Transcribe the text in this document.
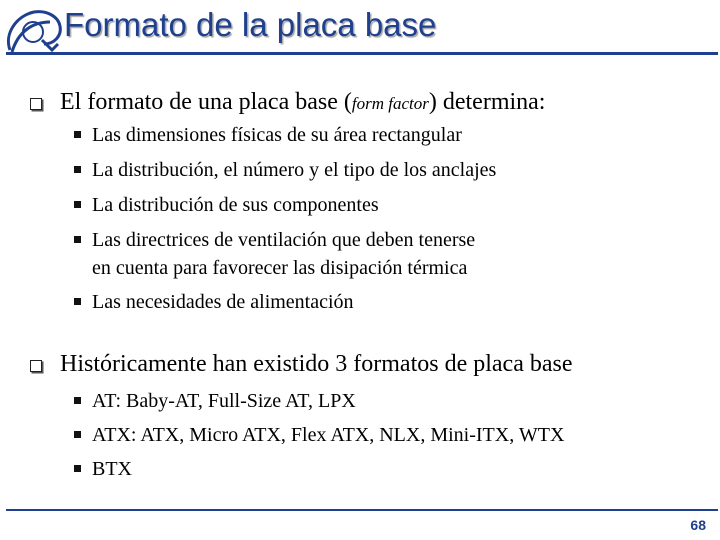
Formato de la placa base
El formato de una placa base (form factor) determina:
Las dimensiones físicas de su área rectangular
La distribución, el número y el tipo de los anclajes
La distribución de sus componentes
Las directrices de ventilación que deben tenerse
en cuenta para favorecer las disipación térmica
Las necesidades de alimentación
Históricamente han existido 3 formatos de placa base
AT: Baby-AT, Full-Size AT, LPX
ATX: ATX, Micro ATX, Flex ATX, NLX, Mini-ITX, WTX
BTX
68
